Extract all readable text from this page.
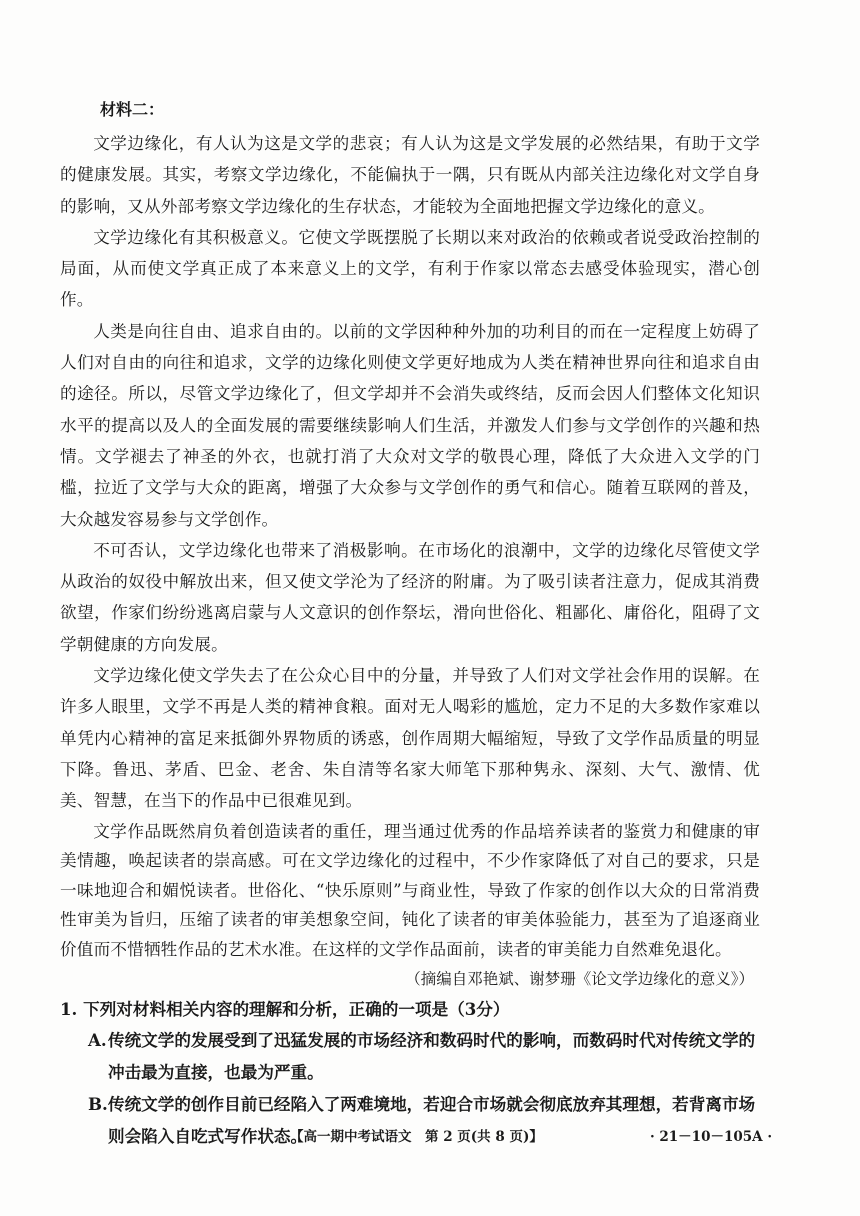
材料二：

文学边缘化，有人认为这是文学的悲哀；有人认为这是文学发展的必然结果，有助于文学的健康发展。其实，考察文学边缘化，不能偏执于一隅，只有既从内部关注边缘化对文学自身的影响，又从外部考察文学边缘化的生存状态，才能较为全面地把握文学边缘化的意义。

文学边缘化有其积极意义。它使文学既摆脱了长期以来对政治的依赖或者说受政治控制的局面，从而使文学真正成了本来意义上的文学，有利于作家以常态去感受体验现实，潜心创作。

人类是向往自由、追求自由的。以前的文学因种种外加的功利目的而在一定程度上妨碍了人们对自由的向往和追求，文学的边缘化则使文学更好地成为人类在精神世界向往和追求自由的途径。所以，尽管文学边缘化了，但文学却并不会消失或终结，反而会因人们整体文化知识水平的提高以及人的全面发展的需要继续影响人们生活，并激发人们参与文学创作的兴趣和热情。文学褪去了神圣的外衣，也就打消了大众对文学的敬畏心理，降低了大众进入文学的门槛，拉近了文学与大众的距离，增强了大众参与文学创作的勇气和信心。随着互联网的普及，大众越发容易参与文学创作。

不可否认，文学边缘化也带来了消极影响。在市场化的浪潮中，文学的边缘化尽管使文学从政治的奴役中解放出来，但又使文学沦为了经济的附庸。为了吸引读者注意力，促成其消费欲望，作家们纷纷逃离启蒙与人文意识的创作祭坛，滑向世俗化、粗鄙化、庸俗化，阻碍了文学朝健康的方向发展。

文学边缘化使文学失去了在公众心目中的分量，并导致了人们对文学社会作用的误解。在许多人眼里，文学不再是人类的精神食粮。面对无人喝彩的尴尬，定力不足的大多数作家难以单凭内心精神的富足来抵御外界物质的诱惑，创作周期大幅缩短，导致了文学作品质量的明显下降。鲁迅、茅盾、巴金、老舍、朱自清等名家大师笔下那种隽永、深刻、大气、激情、优美、智慧，在当下的作品中已很难见到。

文学作品既然肩负着创造读者的重任，理当通过优秀的作品培养读者的鉴赏力和健康的审美情趣，唤起读者的崇高感。可在文学边缘化的过程中，不少作家降低了对自己的要求，只是一味地迎合和媚悦读者。世俗化、“快乐原则”与商业性，导致了作家的创作以大众的日常消费性审美为旨归，压缩了读者的审美想象空间，钝化了读者的审美体验能力，甚至为了追逐商业价值而不惜牺牲作品的艺术水准。在这样的文学作品面前，读者的审美能力自然难免退化。

（摘编自邓艳斌、谢梦珊《论文学边缘化的意义》）

1. 下列对材料相关内容的理解和分析，正确的一项是（3分）

A.传统文学的发展受到了迅猛发展的市场经济和数码时代的影响，而数码时代对传统文学的冲击最为直接，也最为严重。

B.传统文学的创作目前已经陷入了两难境地，若迎合市场就会彻底放弃其理想，若背离市场则会陷入自吃式写作状态。

【高一期中考试语文　第 2 页(共 8 页)】	· 21－10－105A ·
